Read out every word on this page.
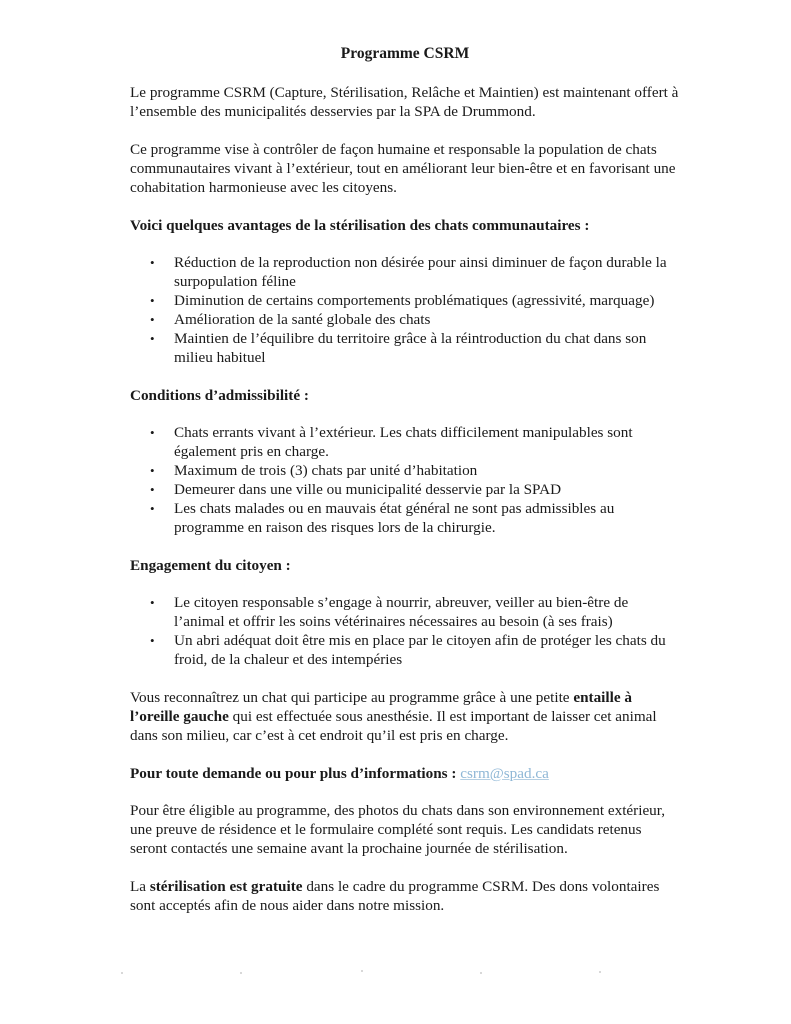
Programme CSRM

Le programme CSRM (Capture, Stérilisation, Relâche et Maintien) est maintenant offert à l’ensemble des municipalités desservies par la SPA de Drummond.

Ce programme vise à contrôler de façon humaine et responsable la population de chats communautaires vivant à l’extérieur, tout en améliorant leur bien-être et en favorisant une cohabitation harmonieuse avec les citoyens.

Voici quelques avantages de la stérilisation des chats communautaires :
• Réduction de la reproduction non désirée pour ainsi diminuer de façon durable la surpopulation féline
• Diminution de certains comportements problématiques (agressivité, marquage)
• Amélioration de la santé globale des chats
• Maintien de l’équilibre du territoire grâce à la réintroduction du chat dans son milieu habituel
Conditions d’admissibilité :
• Chats errants vivant à l’extérieur. Les chats difficilement manipulables sont également pris en charge.
• Maximum de trois (3) chats par unité d’habitation
• Demeurer dans une ville ou municipalité desservie par la SPAD
• Les chats malades ou en mauvais état général ne sont pas admissibles au programme en raison des risques lors de la chirurgie.
Engagement du citoyen :
• Le citoyen responsable s’engage à nourrir, abreuver, veiller au bien-être de l’animal et offrir les soins vétérinaires nécessaires au besoin (à ses frais)
• Un abri adéquat doit être mis en place par le citoyen afin de protéger les chats du froid, de la chaleur et des intempéries

Vous reconnaîtrez un chat qui participe au programme grâce à une petite entaille à l’oreille gauche qui est effectuée sous anesthésie. Il est important de laisser cet animal dans son milieu, car c’est à cet endroit qu’il est pris en charge.

Pour toute demande ou pour plus d’informations : csrm@spad.ca

Pour être éligible au programme, des photos du chats dans son environnement extérieur, une preuve de résidence et le formulaire complété sont requis. Les candidats retenus seront contactés une semaine avant la prochaine journée de stérilisation.

La stérilisation est gratuite dans le cadre du programme CSRM. Des dons volontaires sont acceptés afin de nous aider dans notre mission.
